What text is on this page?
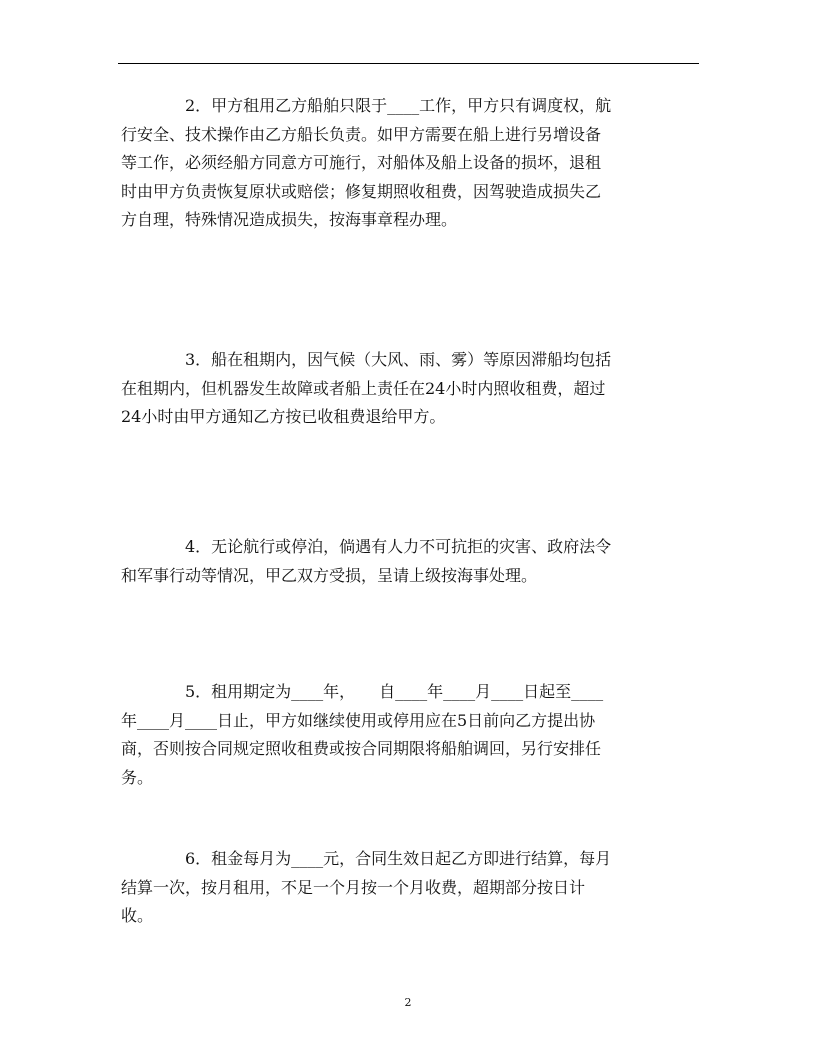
　　　　2．甲方租用乙方船舶只限于____工作，甲方只有调度权，航
行安全、技术操作由乙方船长负责。如甲方需要在船上进行另增设备
等工作，必须经船方同意方可施行，对船体及船上设备的损坏，退租
时由甲方负责恢复原状或赔偿；修复期照收租费，因驾驶造成损失乙
方自理，特殊情况造成损失，按海事章程办理。
　　　　3．船在租期内，因气候（大风、雨、雾）等原因滞船均包括
在租期内，但机器发生故障或者船上责任在24小时内照收租费，超过
24小时由甲方通知乙方按已收租费退给甲方。
　　　　4．无论航行或停泊，倘遇有人力不可抗拒的灾害、政府法令
和军事行动等情况，甲乙双方受损，呈请上级按海事处理。
　　　　5．租用期定为____年，　　自____年____月____日起至____
年____月____日止，甲方如继续使用或停用应在5日前向乙方提出协
商，否则按合同规定照收租费或按合同期限将船舶调回，另行安排任
务。
　　　　6．租金每月为____元，合同生效日起乙方即进行结算，每月
结算一次，按月租用，不足一个月按一个月收费，超期部分按日计
收。
2
